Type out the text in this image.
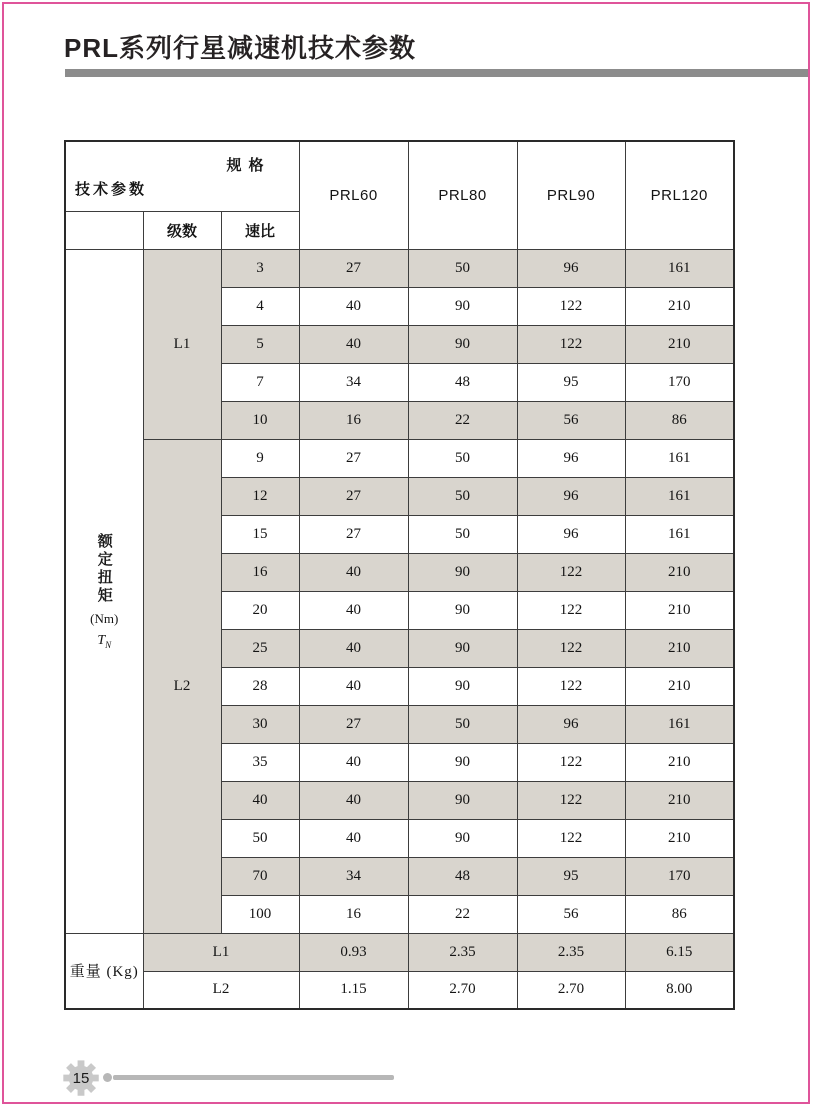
PRL系列行星减速机技术参数
规格
技术参数			PRL60	PRL80	PRL90	PRL120
	级数	速比				

额定扭矩
(Nm)
$T_N$	L1	3	27	50	96	161
		4	40	90	122	210
		5	40	90	122	210
		7	34	48	95	170
		10	16	22	56	86
	L2	9	27	50	96	161
		12	27	50	96	161
		15	27	50	96	161
		16	40	90	122	210
		20	40	90	122	210
		25	40	90	122	210
		28	40	90	122	210
		30	27	50	96	161
		35	40	90	122	210
		40	40	90	122	210
		50	40	90	122	210
		70	34	48	95	170
		100	16	22	56	86
重量 (Kg)	L1		0.93	2.35	2.35	6.15
	L2		1.15	2.70	2.70	8.00
15
